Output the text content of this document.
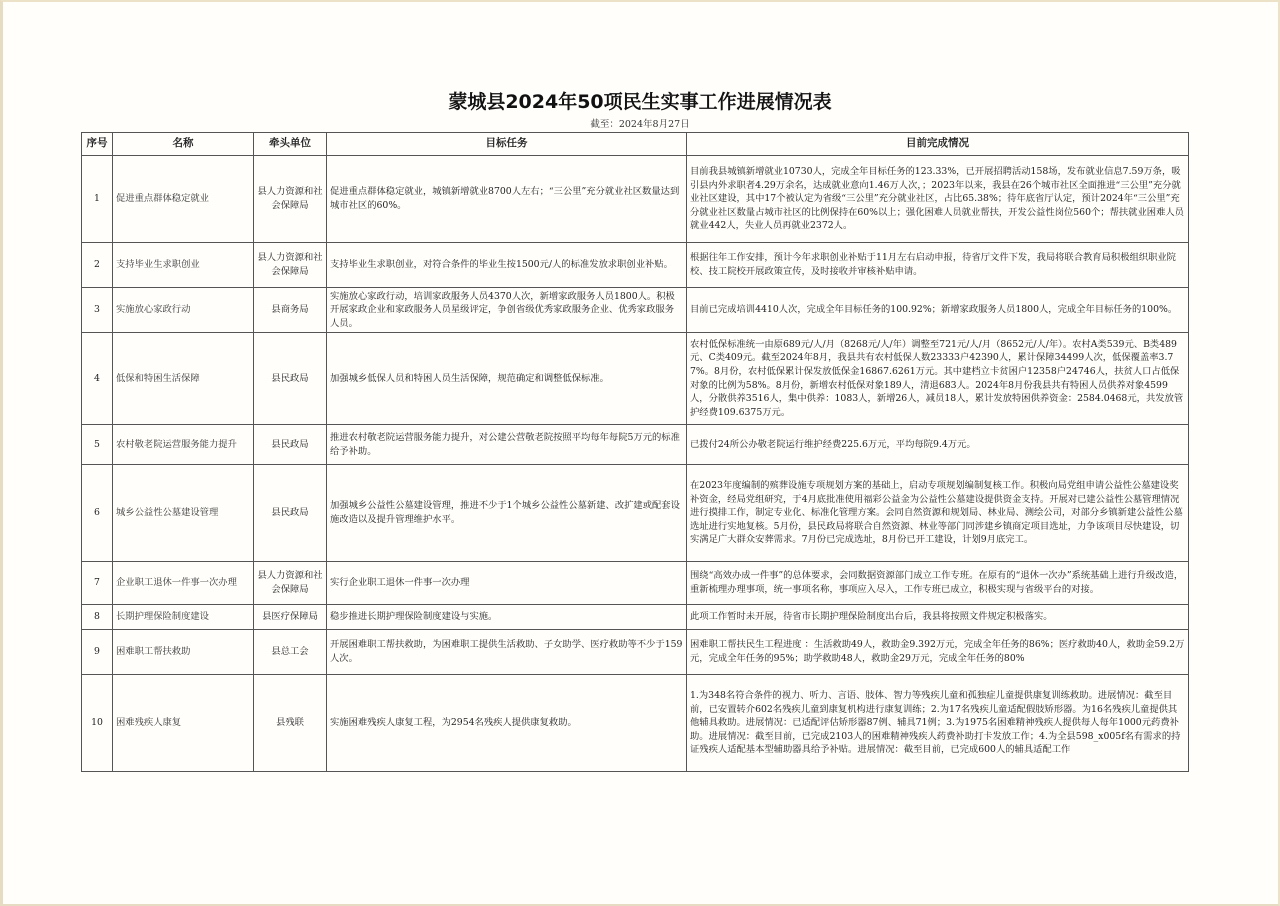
蒙城县2024年50项民生实事工作进展情况表
截至：2024年8月27日
序号	名称	牵头单位	目标任务	目前完成情况
1	促进重点群体稳定就业	县人力资源和社会保障局	促进重点群体稳定就业，城镇新增就业8700人左右；“三公里”充分就业社区数量达到城市社区的60%。	目前我县城镇新增就业10730人，完成全年目标任务的123.33%，已开展招聘活动158场，发布就业信息7.59万条，吸引县内外求职者4.29万余名，达成就业意向1.46万人次，；2023年以来，我县在26个城市社区全面推进“三公里”充分就业社区建设，其中17个被认定为省级“三公里”充分就业社区，占比65.38%；待年底省厅认定，预计2024年“三公里”充分就业社区数量占城市社区的比例保持在60%以上；强化困难人员就业帮扶，开发公益性岗位560个；帮扶就业困难人员就业442人，失业人员再就业2372人。
2	支持毕业生求职创业	县人力资源和社会保障局	支持毕业生求职创业，对符合条件的毕业生按1500元/人的标准发放求职创业补贴。	根据往年工作安排，预计今年求职创业补贴于11月左右启动申报，待省厅文件下发，我局将联合教育局积极组织职业院校、技工院校开展政策宣传，及时接收并审核补贴申请。
3	实施放心家政行动	县商务局	实施放心家政行动，培训家政服务人员4370人次，新增家政服务人员1800人。积极开展家政企业和家政服务人员星级评定，争创省级优秀家政服务企业、优秀家政服务人员。	目前已完成培训4410人次，完成全年目标任务的100.92%；新增家政服务人员1800人，完成全年目标任务的100%。
4	低保和特困生活保障	县民政局	加强城乡低保人员和特困人员生活保障，规范确定和调整低保标准。	农村低保标准统一由原689元/人/月（8268元/人/年）调整至721元/人/月（8652元/人/年）。农村A类539元、B类489元、C类409元。截至2024年8月，我县共有农村低保人数23333户42390人，累计保障34499人次，低保覆盖率3.77%。8月份，农村低保累计保发放低保金16867.6261万元。其中建档立卡贫困户12358户24746人，扶贫人口占低保对象的比例为58%。8月份，新增农村低保对象189人，清退683人。2024年8月份我县共有特困人员供养对象4599人，分散供养3516人，集中供养：1083人，新增26人，减员18人，累计发放特困供养资金：2584.0468元，共发放管护经费109.6375万元。
5	农村敬老院运营服务能力提升	县民政局	推进农村敬老院运营服务能力提升，对公建公营敬老院按照平均每年每院5万元的标准给予补助。	已拨付24所公办敬老院运行维护经费225.6万元，平均每院9.4万元。
6	城乡公益性公墓建设管理	县民政局	加强城乡公益性公墓建设管理，推进不少于1个城乡公益性公墓新建、改扩建或配套设施改造以及提升管理维护水平。	在2023年度编制的殡葬设施专项规划方案的基础上，启动专项规划编制复核工作。积极向局党组申请公益性公墓建设奖补资金，经局党组研究，于4月底批准使用福彩公益金为公益性公墓建设提供资金支持。开展对已建公益性公墓管理情况进行摸排工作，制定专业化、标准化管理方案。会同自然资源和规划局、林业局、测绘公司，对部分乡镇新建公益性公墓选址进行实地复核。5月份，县民政局将联合自然资源、林业等部门同涉建乡镇商定项目选址，力争该项目尽快建设，切实满足广大群众安葬需求。7月份已完成选址，8月份已开工建设，计划9月底完工。
7	企业职工退休一件事一次办理	县人力资源和社会保障局	实行企业职工退休一件事一次办理	围绕“高效办成一件事”的总体要求，会同数据资源部门成立工作专班。在原有的“退休一次办”系统基础上进行升级改造，重新梳理办理事项，统一事项名称，事项应入尽入，工作专班已成立，积极实现与省级平台的对接。
8	长期护理保险制度建设	县医疗保障局	稳步推进长期护理保险制度建设与实施。	此项工作暂时未开展，待省市长期护理保险制度出台后，我县将按照文件规定积极落实。
9	困难职工帮扶救助	县总工会	开展困难职工帮扶救助，为困难职工提供生活救助、子女助学、医疗救助等不少于159人次。	困难职工帮扶民生工程进度 ：生活救助49人，救助金9.392万元，完成全年任务的86%；医疗救助40人，救助金59.2万元，完成全年任务的95%；助学救助48人，救助金29万元，完成全年任务的80%
10	困难残疾人康复	县残联	实施困难残疾人康复工程，为2954名残疾人提供康复救助。	1.为348名符合条件的视力、听力、言语、肢体、智力等残疾儿童和孤独症儿童提供康复训练救助。进展情况：截至目前，已安置转介602名残疾儿童到康复机构进行康复训练；2.为17名残疾儿童适配假肢矫形器。为16名残疾儿童提供其他辅具救助。进展情况：已适配评估矫形器87例、辅具71例；3.为1975名困难精神残疾人提供每人每年1000元药费补助。进展情况：截至目前，已完成2103人的困难精神残疾人药费补助打卡发放工作；4.为全县598_x005f名有需求的持证残疾人适配基本型辅助器具给予补贴。进展情况：截至目前，已完成600人的辅具适配工作
